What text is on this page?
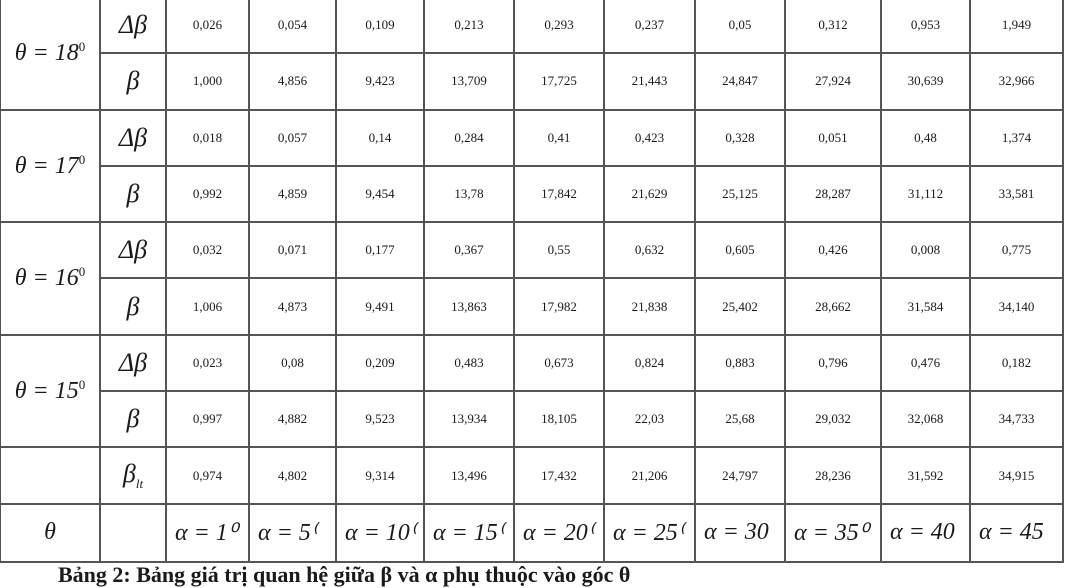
$\theta = 18^0$	Δβ	0,026	0,054	0,109	0,213	0,293	0,237	0,05	0,312	0,953	1,949
	β	1,000	4,856	9,423	13,709	17,725	21,443	24,847	27,924	30,639	32,966
$\theta = 17^0$	Δβ	0,018	0,057	0,14	0,284	0,41	0,423	0,328	0,051	0,48	1,374
	β	0,992	4,859	9,454	13,78	17,842	21,629	25,125	28,287	31,112	33,581
$\theta = 16^0$	Δβ	0,032	0,071	0,177	0,367	0,55	0,632	0,605	0,426	0,008	0,775
	β	1,006	4,873	9,491	13,863	17,982	21,838	25,402	28,662	31,584	34,140
$\theta = 15^0$	Δβ	0,023	0,08	0,209	0,483	0,673	0,824	0,883	0,796	0,476	0,182
	β	0,997	4,882	9,523	13,934	18,105	22,03	25,68	29,032	32,068	34,733
	$\beta_{lt}$	0,974	4,802	9,314	13,496	17,432	21,206	24,797	28,236	31,592	34,915
θ		α = 1⁰	α = 5⁽	α = 10⁽	α = 15⁽	α = 20⁽	α = 25⁽	α = 30	α = 35⁰	α = 40	α = 45
Bảng 2: Bảng giá trị quan hệ giữa β và α phụ thuộc vào góc θ
